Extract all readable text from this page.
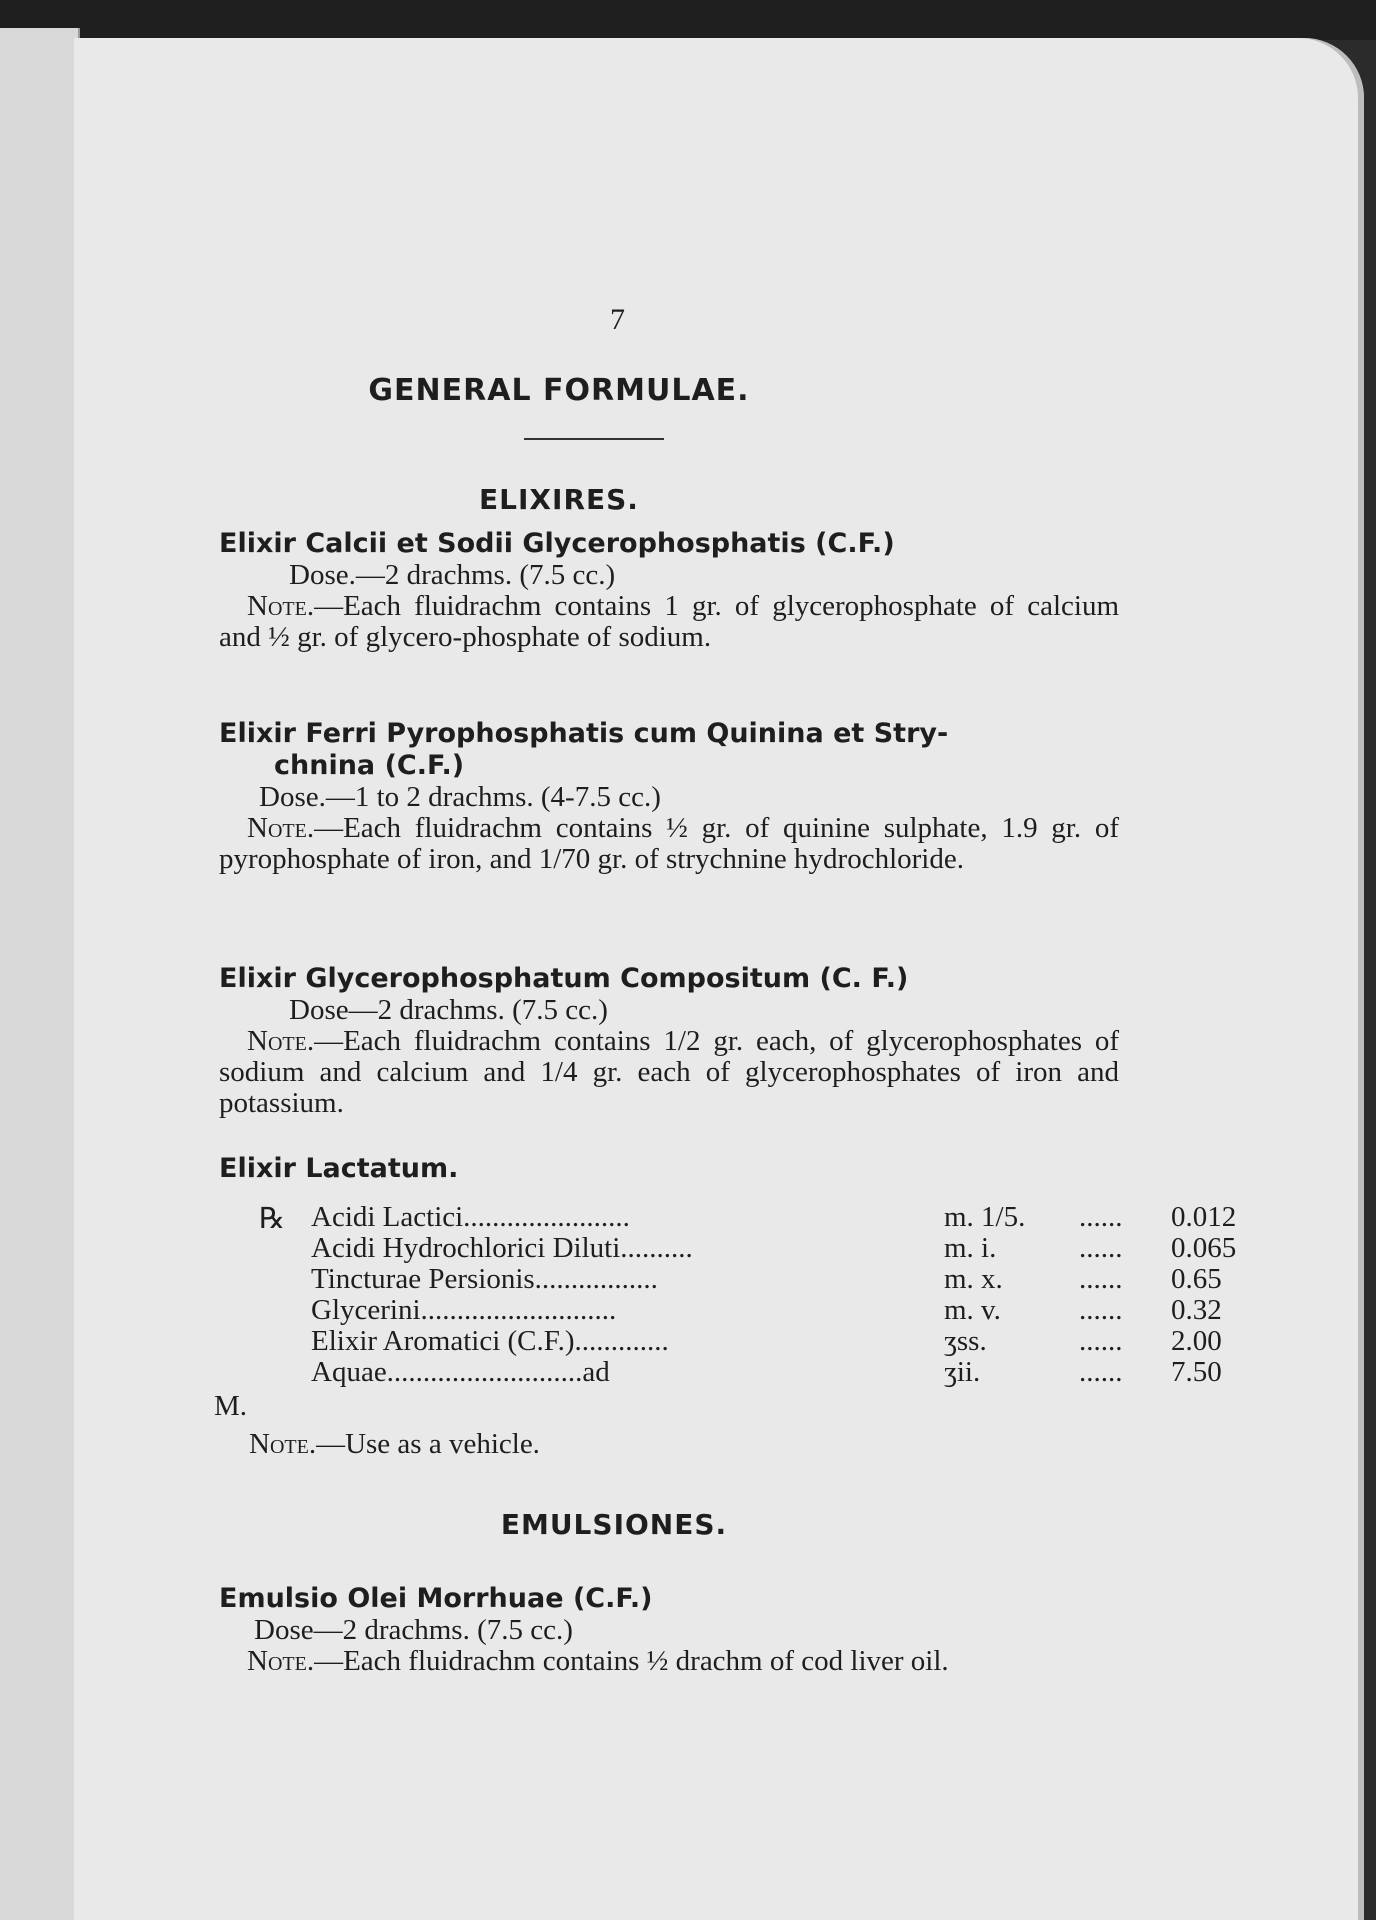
7
GENERAL FORMULAE.
ELIXIRES.
Elixir Calcii et Sodii Glycerophosphatis (C.F.)
Dose.—2 drachms. (7.5 cc.)
Note.—Each fluidrachm contains 1 gr. of glycerophosphate of calcium and ½ gr. of glycero-phosphate of sodium.
Elixir Ferri Pyrophosphatis cum Quinina et Stry-
chnina (C.F.)
Dose.—1 to 2 drachms. (4-7.5 cc.)
Note.—Each fluidrachm contains ½ gr. of quinine sulphate, 1.9 gr. of pyrophosphate of iron, and 1/70 gr. of strychnine hydrochloride.
Elixir Glycerophosphatum Compositum (C. F.)
Dose—2 drachms. (7.5 cc.)
Note.—Each fluidrachm contains 1/2 gr. each, of glycerophosphates of sodium and calcium and 1/4 gr. each of glycerophosphates of iron and potassium.
Elixir Lactatum.
℞ Acidi Lactici.......................	m. 1/5. ...... 0.012
Acidi Hydrochlorici Diluti..........	m. i.	...... 0.065
Tincturae Persionis.................	m. x.	...... 0.65
Glycerini...........................	m. v.	...... 0.32
Elixir Aromatici (C.F.).............	ʒss.	...... 2.00
Aquae...........................ad	ʒii.	...... 7.50
M.
Note.—Use as a vehicle.
Emulsio Olei Morrhuae (C.F.)
Dose—2 drachms. (7.5 cc.)
Note.—Each fluidrachm contains ½ drachm of cod liver oil.
EMULSIONES.
